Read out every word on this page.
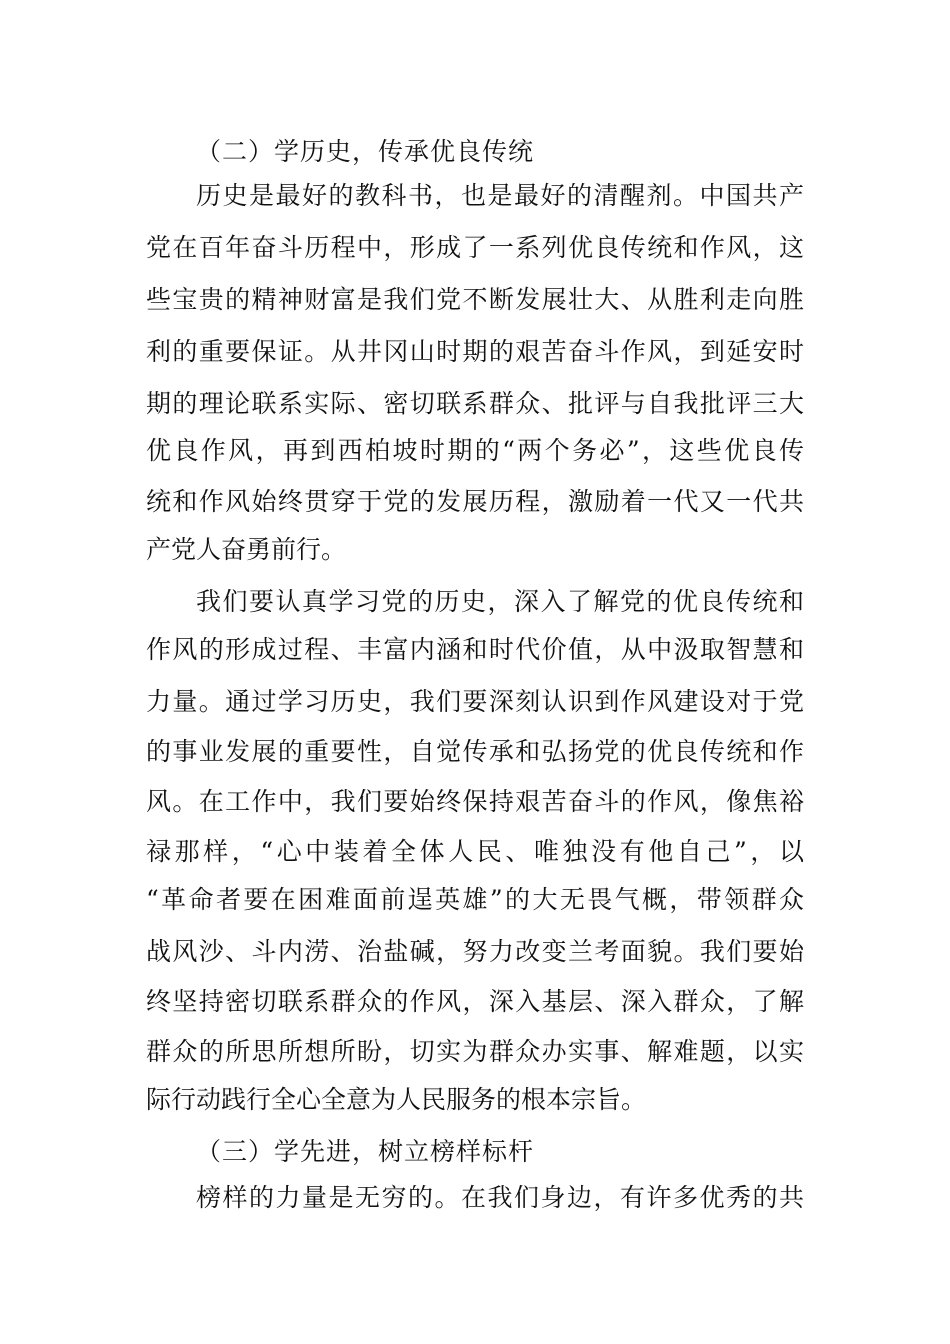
（二）学历史，传承优良传统
历史是最好的教科书，也是最好的清醒剂。中国共产
党在百年奋斗历程中，形成了一系列优良传统和作风，这
些宝贵的精神财富是我们党不断发展壮大、从胜利走向胜
利的重要保证。从井冈山时期的艰苦奋斗作风，到延安时
期的理论联系实际、密切联系群众、批评与自我批评三大
优良作风，再到西柏坡时期的“两个务必”，这些优良传
统和作风始终贯穿于党的发展历程，激励着一代又一代共
产党人奋勇前行。
我们要认真学习党的历史，深入了解党的优良传统和
作风的形成过程、丰富内涵和时代价值，从中汲取智慧和
力量。通过学习历史，我们要深刻认识到作风建设对于党
的事业发展的重要性，自觉传承和弘扬党的优良传统和作
风。在工作中，我们要始终保持艰苦奋斗的作风，像焦裕
禄那样，“心中装着全体人民、唯独没有他自己”，以
“革命者要在困难面前逞英雄”的大无畏气概，带领群众
战风沙、斗内涝、治盐碱，努力改变兰考面貌。我们要始
终坚持密切联系群众的作风，深入基层、深入群众，了解
群众的所思所想所盼，切实为群众办实事、解难题，以实
际行动践行全心全意为人民服务的根本宗旨。
（三）学先进，树立榜样标杆
榜样的力量是无穷的。在我们身边，有许多优秀的共
